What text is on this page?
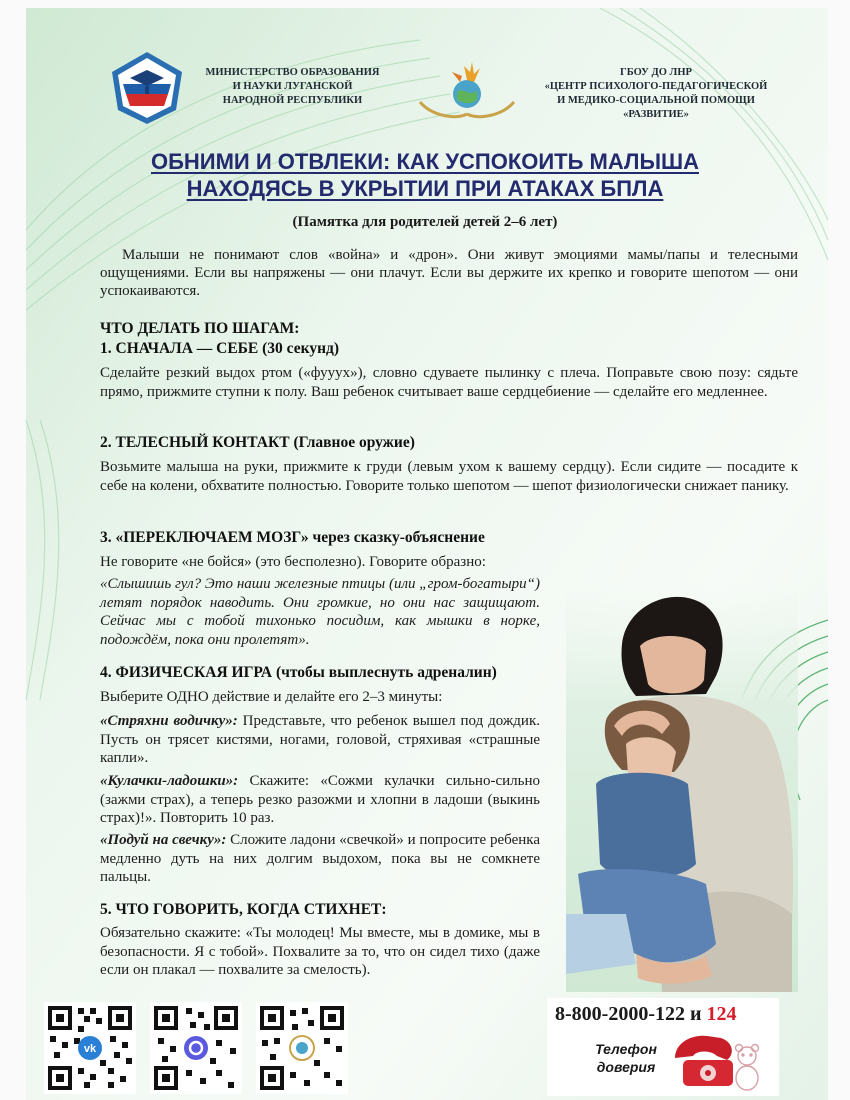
МИНИСТЕРСТВО ОБРАЗОВАНИЯ
И НАУКИ ЛУГАНСКОЙ
НАРОДНОЙ РЕСПУБЛИКИ
ГБОУ ДО ЛНР
«ЦЕНТР ПСИХОЛОГО-ПЕДАГОГИЧЕСКОЙ
И МЕДИКО-СОЦИАЛЬНОЙ ПОМОЩИ
«РАЗВИТИЕ»
ОБНИМИ И ОТВЛЕКИ: КАК УСПОКОИТЬ МАЛЫША
НАХОДЯСЬ В УКРЫТИИ ПРИ АТАКАХ БПЛА
(Памятка для родителей детей 2–6 лет)
Малыши не понимают слов «война» и «дрон». Они живут эмоциями мамы/папы и телесными ощущениями. Если вы напряжены — они плачут. Если вы держите их крепко и говорите шепотом — они успокаиваются.
ЧТО ДЕЛАТЬ ПО ШАГАМ:
1. СНАЧАЛА — СЕБЕ (30 секунд)
Сделайте резкий выдох ртом («фууух»), словно сдуваете пылинку с плеча. Поправьте свою позу: сядьте прямо, прижмите ступни к полу. Ваш ребенок считывает ваше сердцебиение — сделайте его медленнее.
2. ТЕЛЕСНЫЙ КОНТАКТ (Главное оружие)
Возьмите малыша на руки, прижмите к груди (левым ухом к вашему сердцу). Если сидите — посадите к себе на колени, обхватите полностью. Говорите только шепотом — шепот физиологически снижает панику.
3. «ПЕРЕКЛЮЧАЕМ МОЗГ» через сказку-объяснение
Не говорите «не бойся» (это бесполезно). Говорите образно:
«Слышишь гул? Это наши железные птицы (или „гром-богатыри“) летят порядок наводить. Они громкие, но они нас защищают. Сейчас мы с тобой тихонько посидим, как мышки в норке, подождём, пока они пролетят».
4. ФИЗИЧЕСКАЯ ИГРА (чтобы выплеснуть адреналин)
Выберите ОДНО действие и делайте его 2–3 минуты:
«Стряхни водичку»: Представьте, что ребенок вышел под дождик. Пусть он трясет кистями, ногами, головой, стряхивая «страшные капли».
«Кулачки-ладошки»: Скажите: «Сожми кулачки сильно-сильно (зажми страх), а теперь резко разожми и хлопни в ладоши (выкинь страх)!». Повторить 10 раз.
«Подуй на свечку»: Сложите ладони «свечкой» и попросите ребенка медленно дуть на них долгим выдохом, пока вы не сомкнете пальцы.
5. ЧТО ГОВОРИТЬ, КОГДА СТИХНЕТ:
Обязательно скажите: «Ты молодец! Мы вместе, мы в домике, мы в безопасности. Я с тобой». Похвалите за то, что он сидел тихо (даже если он плакал — похвалите за смелость).
vk
8-800-2000-122 и 124
Телефон
доверия
